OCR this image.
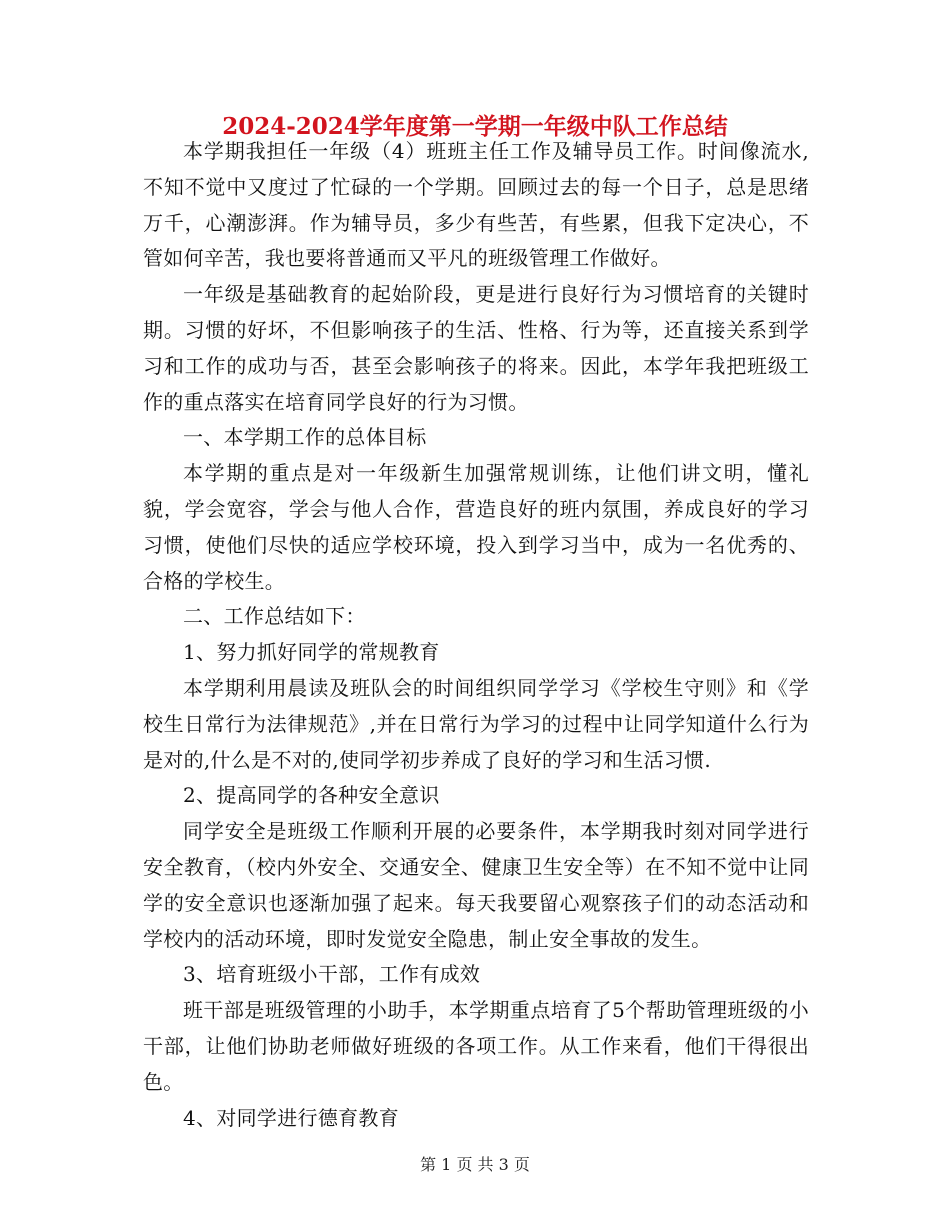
2024-2024学年度第一学期一年级中队工作总结

本学期我担任一年级（4）班班主任工作及辅导员工作。时间像流水,不知不觉中又度过了忙碌的一个学期。回顾过去的每一个日子，总是思绪万千，心潮澎湃。作为辅导员，多少有些苦，有些累，但我下定决心，不管如何辛苦，我也要将普通而又平凡的班级管理工作做好。

一年级是基础教育的起始阶段，更是进行良好行为习惯培育的关键时期。习惯的好坏，不但影响孩子的生活、性格、行为等，还直接关系到学习和工作的成功与否，甚至会影响孩子的将来。因此，本学年我把班级工作的重点落实在培育同学良好的行为习惯。

一、本学期工作的总体目标

本学期的重点是对一年级新生加强常规训练，让他们讲文明，懂礼貌，学会宽容，学会与他人合作，营造良好的班内氛围，养成良好的学习习惯，使他们尽快的适应学校环境，投入到学习当中，成为一名优秀的、合格的学校生。

二、工作总结如下：

1、努力抓好同学的常规教育

本学期利用晨读及班队会的时间组织同学学习《学校生守则》和《学校生日常行为法律规范》,并在日常行为学习的过程中让同学知道什么行为是对的,什么是不对的,使同学初步养成了良好的学习和生活习惯.

2、提高同学的各种安全意识

同学安全是班级工作顺利开展的必要条件，本学期我时刻对同学进行安全教育，（校内外安全、交通安全、健康卫生安全等）在不知不觉中让同学的安全意识也逐渐加强了起来。每天我要留心观察孩子们的动态活动和学校内的活动环境，即时发觉安全隐患，制止安全事故的发生。

3、培育班级小干部，工作有成效

班干部是班级管理的小助手，本学期重点培育了5个帮助管理班级的小干部，让他们协助老师做好班级的各项工作。从工作来看，他们干得很出色。

4、对同学进行德育教育

第 1 页 共 3 页
